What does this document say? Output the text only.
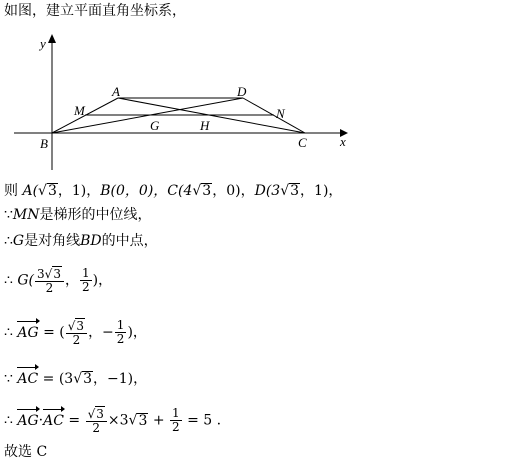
如图，建立平面直角坐标系，
A
B	C
D
M	N
G	H
x
y
则 A(√3，1)，B(0，0)，C(4√3，0)，D(3√3，1)，
∵MN是梯形的中位线，
∴G是对角线BD的中点，
∴ $G( \frac{3√3}{2}$ ， $\frac{1}{2}$ )，
∴ AG = ( $\frac{√3}{2}$ ，− $\frac{1}{2}$ )，
∵ AC = (3√3，−1)，
∴ $AG\cdot AC = \frac{√3}{2} \times 3√3 + \frac{1}{2} = 5$ .
故选 C
